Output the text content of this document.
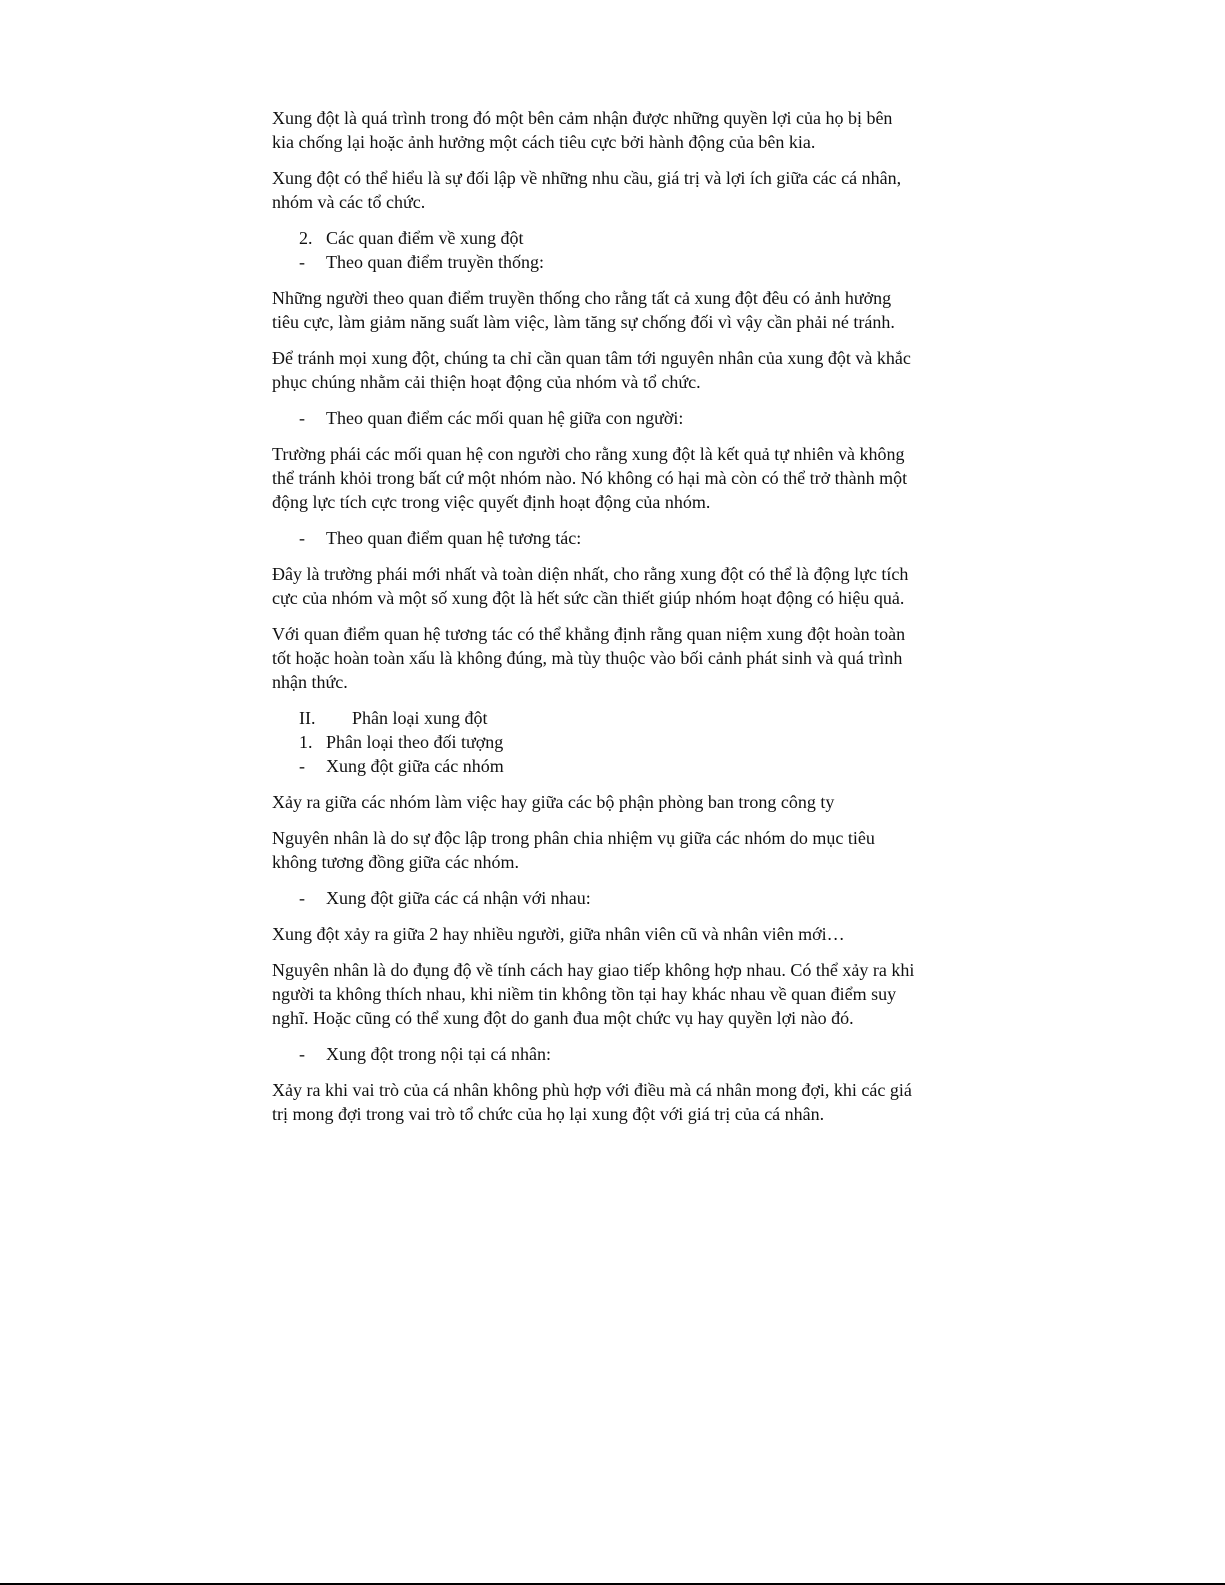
Xung đột là quá trình trong đó một bên cảm nhận được những quyền lợi của họ bị bên
kia chống lại hoặc ảnh hưởng một cách tiêu cực bởi hành động của bên kia.

Xung đột có thể hiểu là sự đối lập về những nhu cầu, giá trị và lợi ích giữa các cá nhân,
nhóm và các tổ chức.

2. Các quan điểm về xung đột
-	Theo quan điểm truyền thống:

Những người theo quan điểm truyền thống cho rằng tất cả xung đột đêu có ảnh hưởng
tiêu cực, làm giảm năng suất làm việc, làm tăng sự chống đối vì vậy cần phải né tránh.

Để tránh mọi xung đột, chúng ta chỉ cần quan tâm tới nguyên nhân của xung đột và khắc
phục chúng nhằm cải thiện hoạt động của nhóm và tổ chức.

-	Theo quan điểm các mối quan hệ giữa con người:

Trường phái các mối quan hệ con người cho rằng xung đột là kết quả tự nhiên và không
thể tránh khỏi trong bất cứ một nhóm nào. Nó không có hại mà còn có thể trở thành một
động lực tích cực trong việc quyết định hoạt động của nhóm.

-	Theo quan điểm quan hệ tương tác:

Đây là trường phái mới nhất và toàn diện nhất, cho rằng xung đột có thể là động lực tích
cực của nhóm và một số xung đột là hết sức cần thiết giúp nhóm hoạt động có hiệu quả.

Với quan điểm quan hệ tương tác có thể khẳng định rằng quan niệm xung đột hoàn toàn
tốt hoặc hoàn toàn xấu là không đúng, mà tùy thuộc vào bối cảnh phát sinh và quá trình
nhận thức.

II.	Phân loại xung đột
1. Phân loại theo đối tượng
-	Xung đột giữa các nhóm

Xảy ra giữa các nhóm làm việc hay giữa các bộ phận phòng ban trong công ty

Nguyên nhân là do sự độc lập trong phân chia nhiệm vụ giữa các nhóm do mục tiêu
không tương đồng giữa các nhóm.

-	Xung đột giữa các cá nhận với nhau:

Xung đột xảy ra giữa 2 hay nhiều người, giữa nhân viên cũ và nhân viên mới…

Nguyên nhân là do đụng độ về tính cách hay giao tiếp không hợp nhau. Có thể xảy ra khi
người ta không thích nhau, khi niềm tin không tồn tại hay khác nhau về quan điểm suy
nghĩ. Hoặc cũng có thể xung đột do ganh đua một chức vụ hay quyền lợi nào đó.

-	Xung đột trong nội tại cá nhân:

Xảy ra khi vai trò của cá nhân không phù hợp với điều mà cá nhân mong đợi, khi các giá
trị mong đợi trong vai trò tổ chức của họ lại xung đột với giá trị của cá nhân.
